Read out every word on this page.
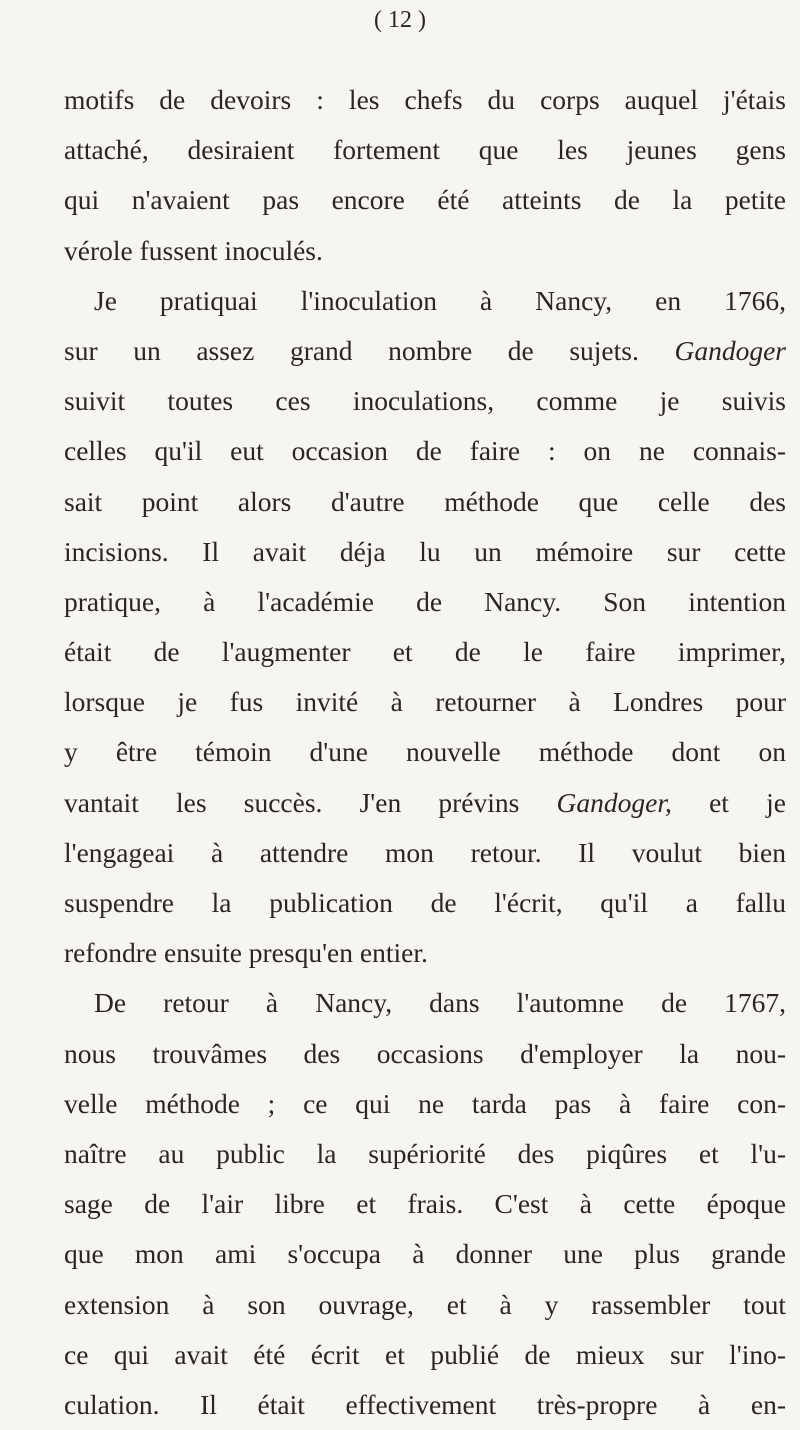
( 12 )
motifs de devoirs : les chefs du corps auquel j'étais
attaché, desiraient fortement que les jeunes gens
qui n'avaient pas encore été atteints de la petite
vérole fussent inoculés.
Je pratiquai l'inoculation à Nancy, en 1766,
sur un assez grand nombre de sujets. Gandoger
suivit toutes ces inoculations, comme je suivis
celles qu'il eut occasion de faire : on ne connais-
sait point alors d'autre méthode que celle des
incisions. Il avait déja lu un mémoire sur cette
pratique, à l'académie de Nancy. Son intention
était de l'augmenter et de le faire imprimer,
lorsque je fus invité à retourner à Londres pour
y être témoin d'une nouvelle méthode dont on
vantait les succès. J'en prévins Gandoger, et je
l'engageai à attendre mon retour. Il voulut bien
suspendre la publication de l'écrit, qu'il a fallu
refondre ensuite presqu'en entier.
De retour à Nancy, dans l'automne de 1767,
nous trouvâmes des occasions d'employer la nou-
velle méthode ; ce qui ne tarda pas à faire con-
naître au public la supériorité des piqûres et l'u-
sage de l'air libre et frais. C'est à cette époque
que mon ami s'occupa à donner une plus grande
extension à son ouvrage, et à y rassembler tout
ce qui avait été écrit et publié de mieux sur l'ino-
culation. Il était effectivement très-propre à en-
